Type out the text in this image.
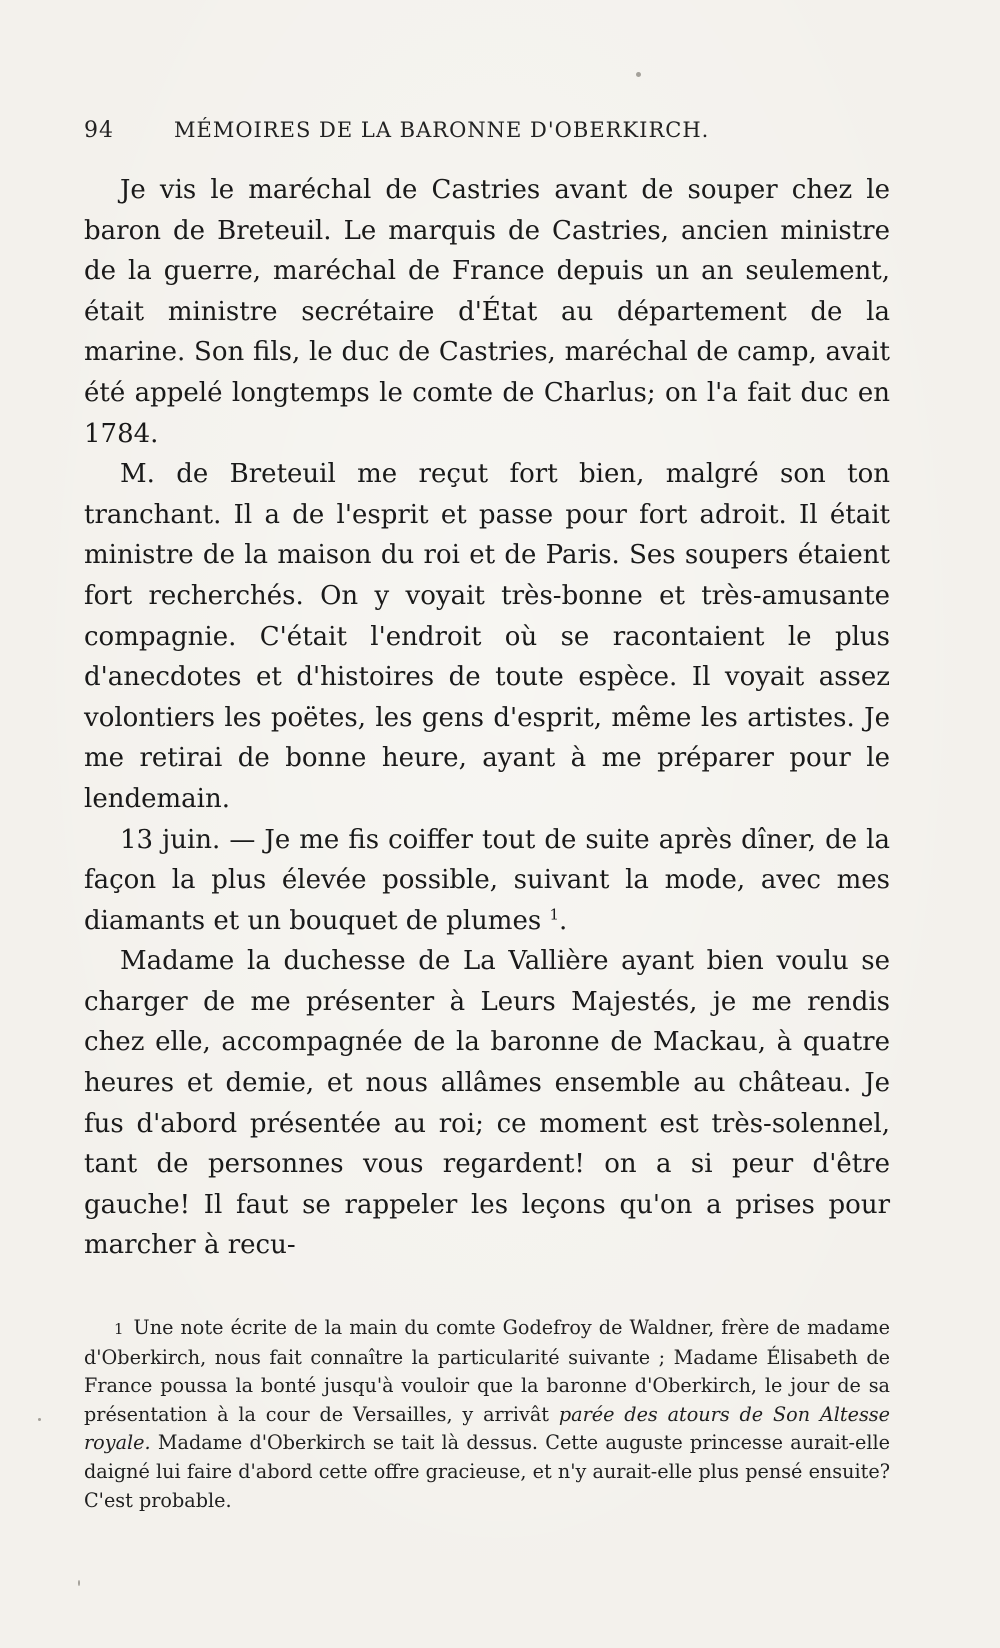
94	MÉMOIRES DE LA BARONNE D'OBERKIRCH.

Je vis le maréchal de Castries avant de souper chez le baron de Breteuil. Le marquis de Castries, ancien ministre de la guerre, maréchal de France depuis un an seulement, était ministre secrétaire d'État au département de la marine. Son fils, le duc de Castries, maréchal de camp, avait été appelé longtemps le comte de Charlus; on l'a fait duc en 1784.

M. de Breteuil me reçut fort bien, malgré son ton tranchant. Il a de l'esprit et passe pour fort adroit. Il était ministre de la maison du roi et de Paris. Ses soupers étaient fort recherchés. On y voyait très-bonne et très-amusante compagnie. C'était l'endroit où se racontaient le plus d'anecdotes et d'histoires de toute espèce. Il voyait assez volontiers les poëtes, les gens d'esprit, même les artistes. Je me retirai de bonne heure, ayant à me préparer pour le lendemain.

13 juin. — Je me fis coiffer tout de suite après dîner, de la façon la plus élevée possible, suivant la mode, avec mes diamants et un bouquet de plumes $^1$.

Madame la duchesse de La Vallière ayant bien voulu se charger de me présenter à Leurs Majestés, je me rendis chez elle, accompagnée de la baronne de Mackau, à quatre heures et demie, et nous allâmes ensemble au château. Je fus d'abord présentée au roi; ce moment est très-solennel, tant de personnes vous regardent! on a si peur d'être gauche! Il faut se rappeler les leçons qu'on a prises pour marcher à recu-

1 Une note écrite de la main du comte Godefroy de Waldner, frère de madame d'Oberkirch, nous fait connaître la particularité suivante ; Madame Élisabeth de France poussa la bonté jusqu'à vouloir que la baronne d'Oberkirch, le jour de sa présentation à la cour de Versailles, y arrivât parée des atours de Son Altesse royale. Madame d'Oberkirch se tait là dessus. Cette auguste princesse aurait-elle daigné lui faire d'abord cette offre gracieuse, et n'y aurait-elle plus pensé ensuite? C'est probable.
